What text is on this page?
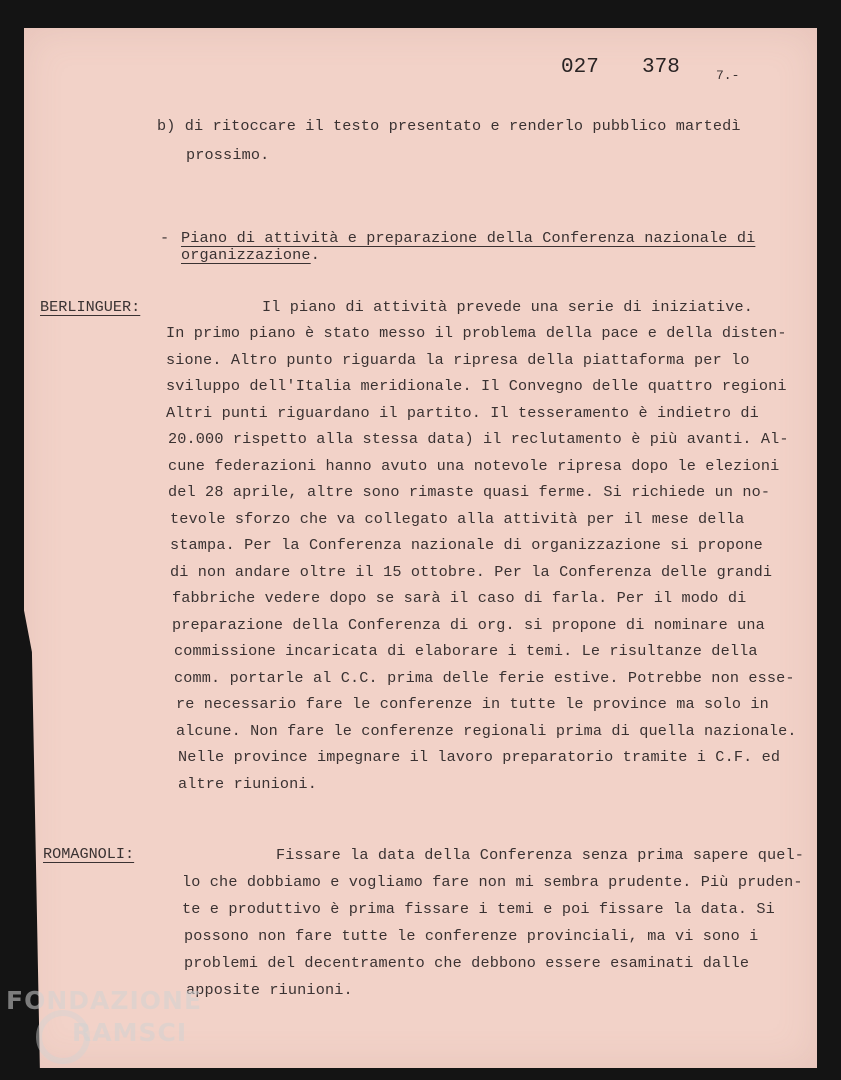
027 378	7.-
b) di ritoccare il testo presentato e renderlo pubblico martedì
prossimo.
- Piano di attività e preparazione della Conferenza nazionale di
organizzazione.
BERLINGUER:	Il piano di attività prevede una serie di iniziative.
In primo piano è stato messo il problema della pace e della disten-
sione. Altro punto riguarda la ripresa della piattaforma per lo
sviluppo dell'Italia meridionale. Il Convegno delle quattro regioni
Altri punti riguardano il partito. Il tesseramento è indietro di
20.000 rispetto alla stessa data) il reclutamento è più avanti. Al-
cune federazioni hanno avuto una notevole ripresa dopo le elezioni
del 28 aprile, altre sono rimaste quasi ferme. Si richiede un no-
tevole sforzo che va collegato alla attività per il mese della
stampa. Per la Conferenza nazionale di organizzazione si propone
di non andare oltre il 15 ottobre. Per la Conferenza delle grandi
fabbriche vedere dopo se sarà il caso di farla. Per il modo di
preparazione della Conferenza di org. si propone di nominare una
commissione incaricata di elaborare i temi. Le risultanze della
comm. portarle al C.C. prima delle ferie estive. Potrebbe non esse-
re necessario fare le conferenze in tutte le province ma solo in
alcune. Non fare le conferenze regionali prima di quella nazionale.
Nelle province impegnare il lavoro preparatorio tramite i C.F. ed
altre riunioni.
ROMAGNOLI:	Fissare la data della Conferenza senza prima sapere quel-
lo che dobbiamo e vogliamo fare non mi sembra prudente. Più pruden-
te e produttivo è prima fissare i temi e poi fissare la data. Si
possono non fare tutte le conferenze provinciali, ma vi sono i
problemi del decentramento che debbono essere esaminati dalle
apposite riunioni.
FONDAZIONE
RAMSCI
